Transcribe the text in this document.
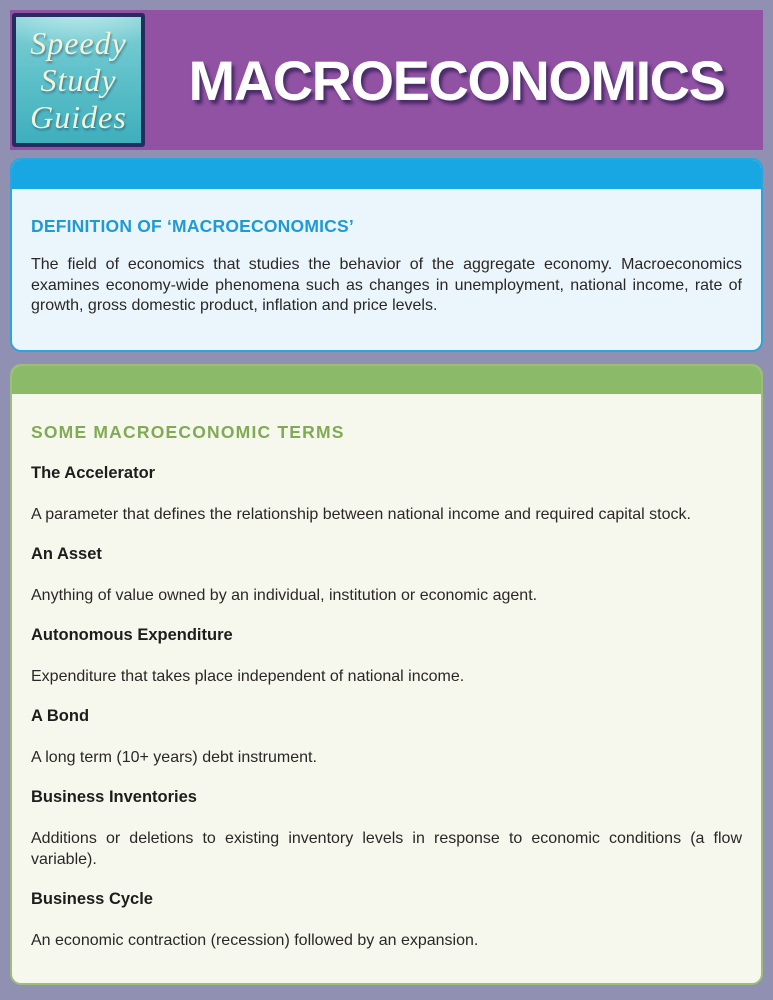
Speedy
Study
Guides
MACROECONOMICS
DEFINITION OF ‘MACROECONOMICS’

The field of economics that studies the behavior of the aggregate economy. Macroeconomics examines economy-wide phenomena such as changes in unemployment, national income, rate of growth, gross domestic product, inflation and price levels.

SOME MACROECONOMIC TERMS
The Accelerator

A parameter that defines the relationship between national income and required capital stock.

An Asset

Anything of value owned by an individual, institution or economic agent.

Autonomous Expenditure

Expenditure that takes place independent of national income.

A Bond

A long term (10+ years) debt instrument.

Business Inventories

Additions or deletions to existing inventory levels in response to economic conditions (a flow variable).

Business Cycle

An economic contraction (recession) followed by an expansion.
